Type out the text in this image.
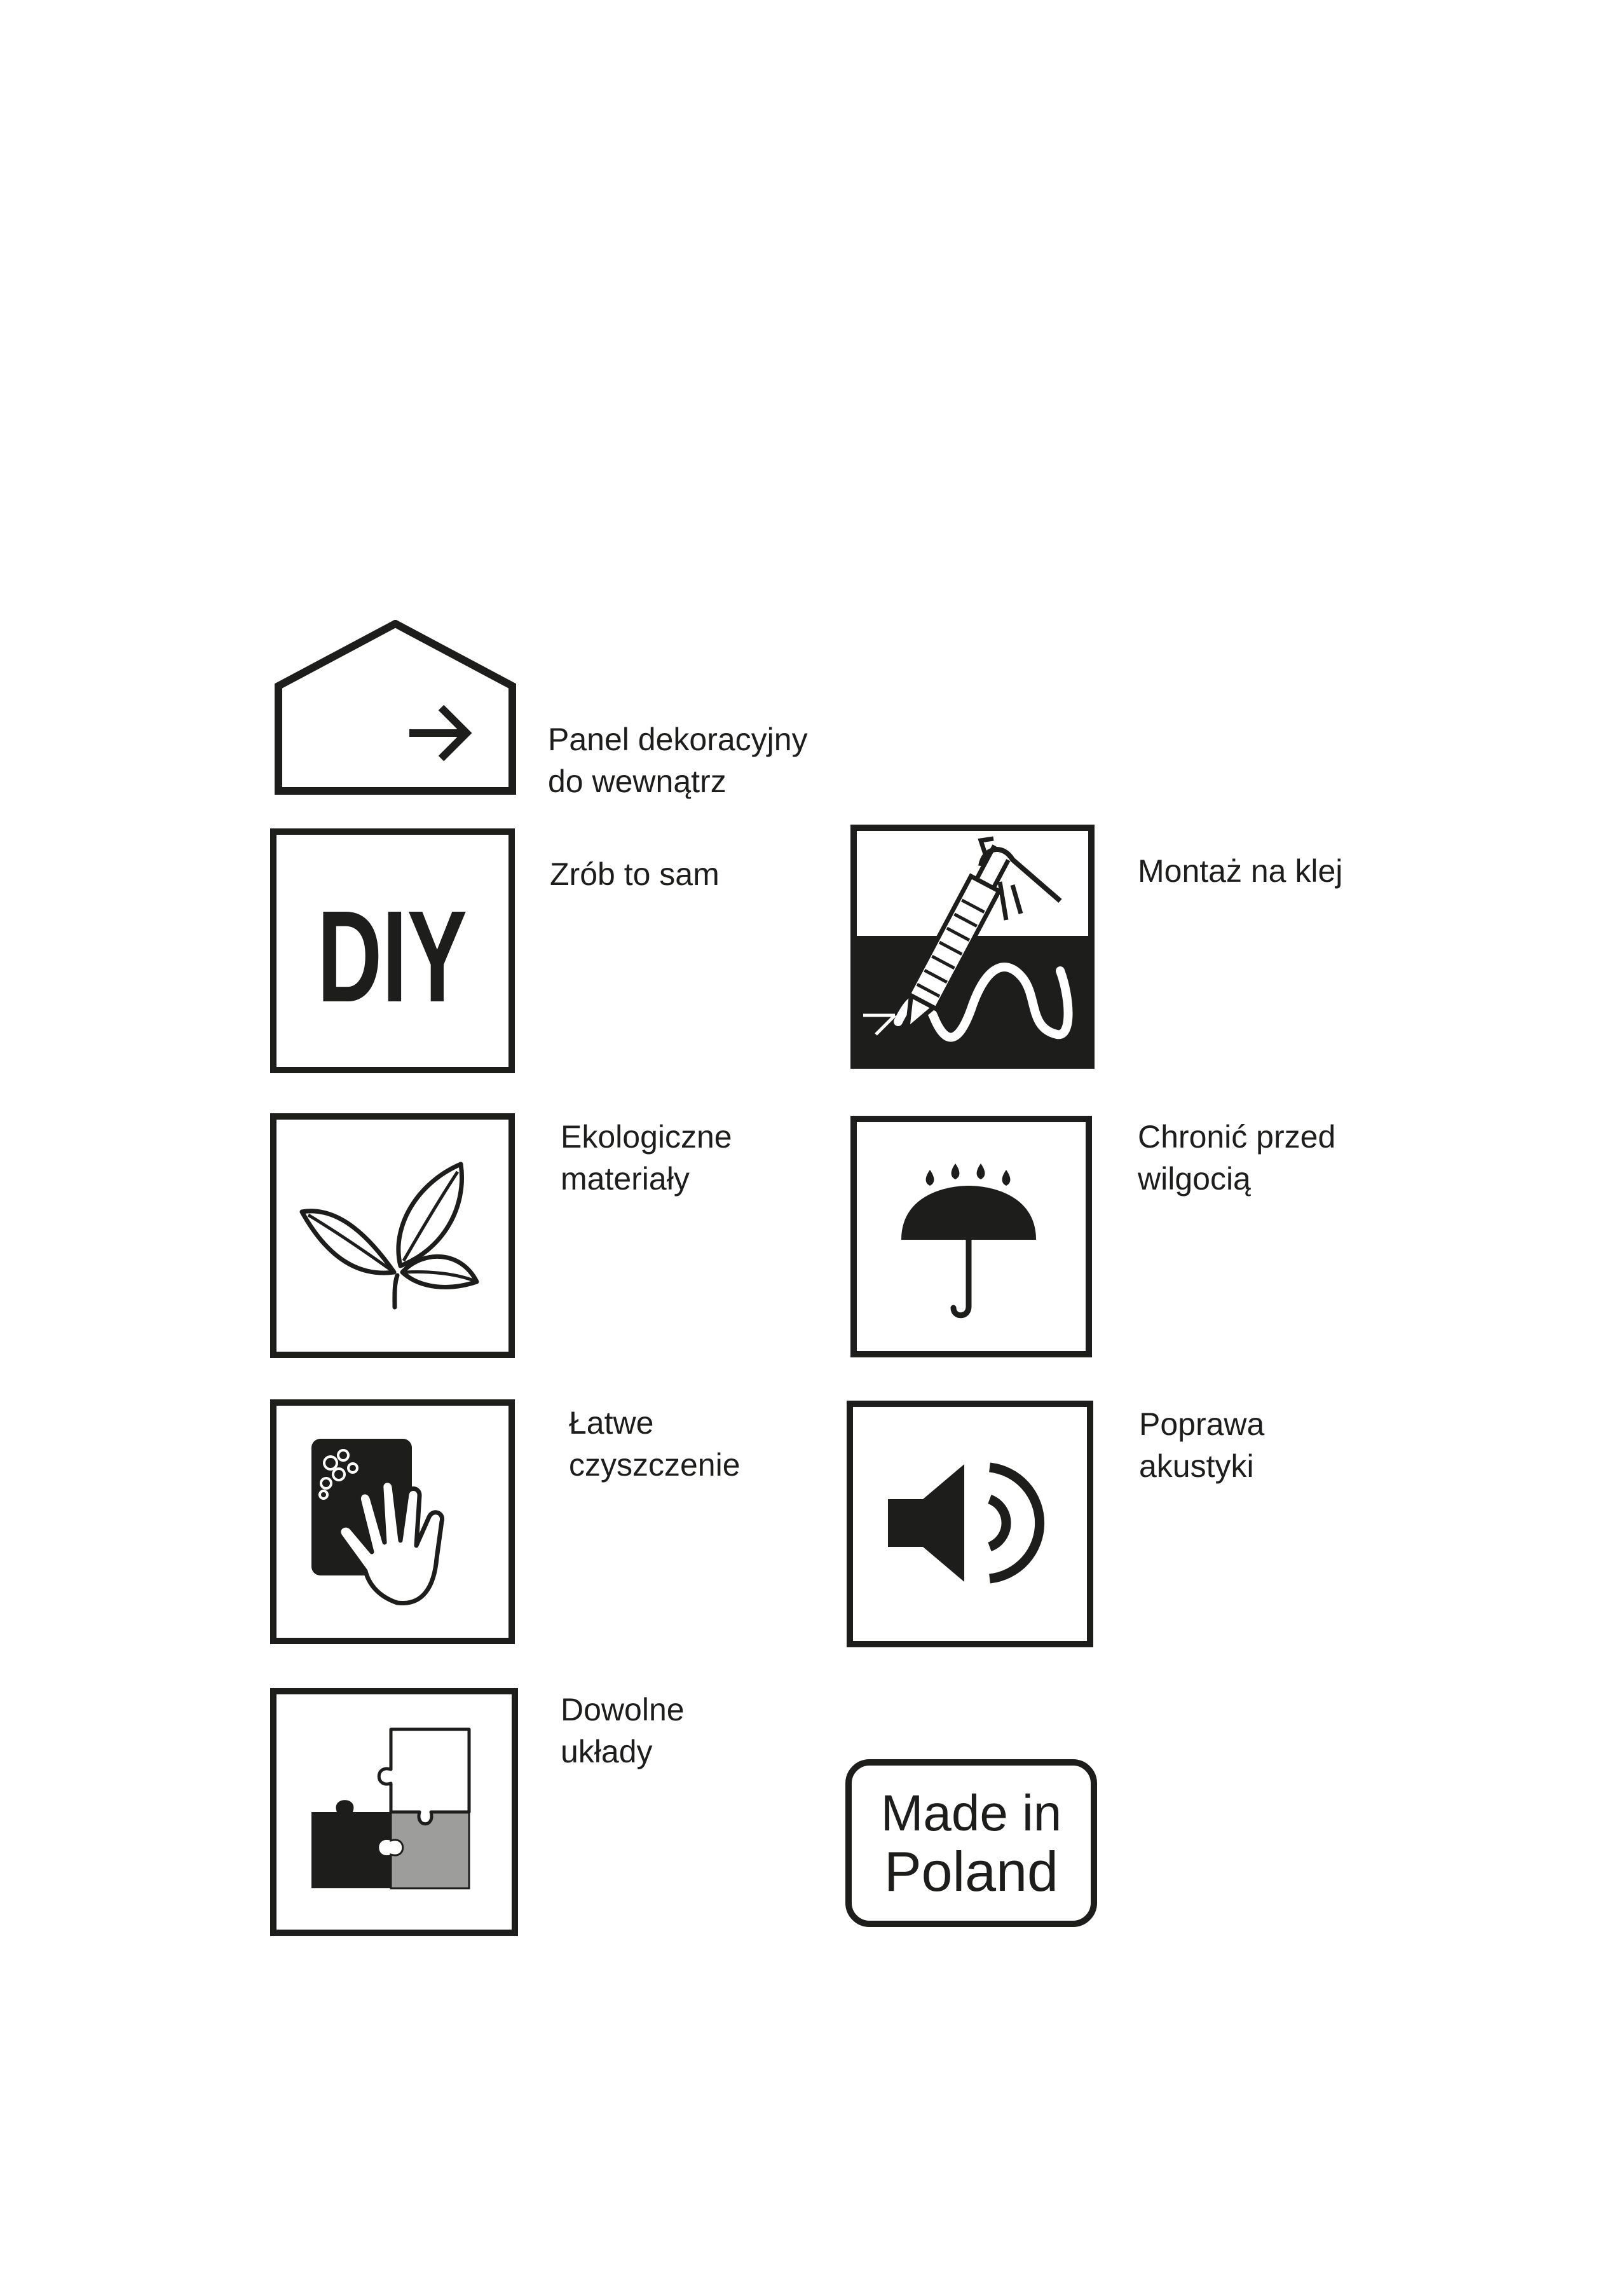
Panel dekoracyjny
do wewnątrz
DIY
Zrób to sam	Montaż na klej
Ekologiczne
materiały
Chronić przed
wilgocią
Łatwe
czyszczenie
Poprawa
akustyki
Dowolne
układy
Made in
Poland
